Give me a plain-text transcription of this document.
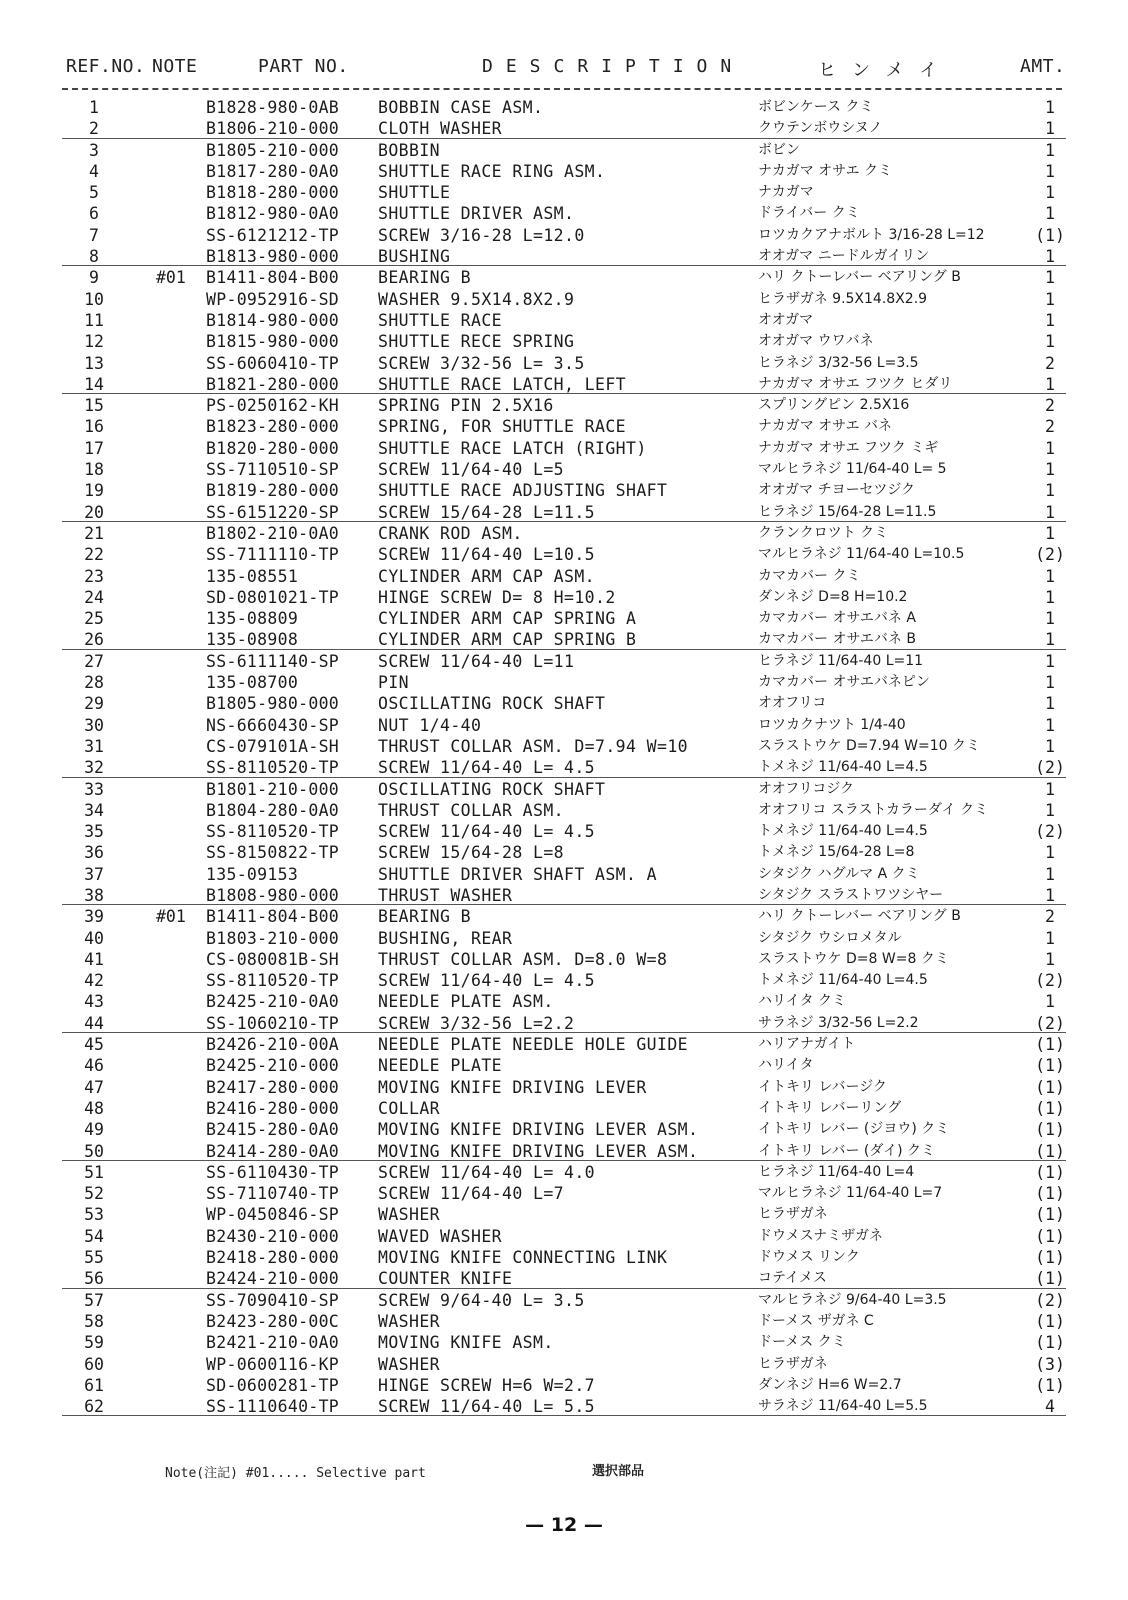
REF.NO. NOTE	PART NO.	DESCRIPTION	ヒンメイ	AMT.
1	B1828-980-0AB BOBBIN CASE ASM.	ボビンケース クミ	1
2	B1806-210-000 CLOTH WASHER	クウテンボウシヌノ	1
3	B1805-210-000 BOBBIN	ボビン	1
4	B1817-280-0A0 SHUTTLE RACE RING ASM.	ナカガマ オサエ クミ	1
5	B1818-280-000 SHUTTLE	ナカガマ	1
6	B1812-980-0A0 SHUTTLE DRIVER ASM.	ドライバー クミ	1
7	SS-6121212-TP SCREW 3/16-28 L=12.0	ロツカクアナボルト 3/16-28 L=12	(1)
8	B1813-980-000 BUSHING	オオガマ ニードルガイリン	1
9	#01 B1411-804-B00 BEARING B	ハリ クトーレバー ベアリング B	1
10	WP-0952916-SD WASHER 9.5X14.8X2.9	ヒラザガネ 9.5X14.8X2.9	1
11	B1814-980-000 SHUTTLE RACE	オオガマ	1
12	B1815-980-000 SHUTTLE RECE SPRING	オオガマ ウワバネ	1
13	SS-6060410-TP SCREW 3/32-56 L= 3.5	ヒラネジ 3/32-56 L=3.5	2
14	B1821-280-000 SHUTTLE RACE LATCH, LEFT	ナカガマ オサエ フツク ヒダリ	1
15	PS-0250162-KH SPRING PIN 2.5X16	スプリングピン 2.5X16	2
16	B1823-280-000 SPRING, FOR SHUTTLE RACE	ナカガマ オサエ バネ	2
17	B1820-280-000 SHUTTLE RACE LATCH (RIGHT)	ナカガマ オサエ フツク ミギ	1
18	SS-7110510-SP SCREW 11/64-40 L=5	マルヒラネジ 11/64-40 L= 5	1
19	B1819-280-000 SHUTTLE RACE ADJUSTING SHAFT	オオガマ チヨーセツジク	1
20	SS-6151220-SP SCREW 15/64-28 L=11.5	ヒラネジ 15/64-28 L=11.5	1
21	B1802-210-0A0 CRANK ROD ASM.	クランクロツト クミ	1
22	SS-7111110-TP SCREW 11/64-40 L=10.5	マルヒラネジ 11/64-40 L=10.5	(2)
23	135-08551	CYLINDER ARM CAP ASM.	カマカバー クミ	1
24	SD-0801021-TP HINGE SCREW D= 8 H=10.2	ダンネジ D=8 H=10.2	1
25	135-08809	CYLINDER ARM CAP SPRING A	カマカバー オサエバネ A	1
26	135-08908	CYLINDER ARM CAP SPRING B	カマカバー オサエバネ B	1
27	SS-6111140-SP SCREW 11/64-40 L=11	ヒラネジ 11/64-40 L=11	1
28	135-08700	PIN	カマカバー オサエバネピン	1
29	B1805-980-000 OSCILLATING ROCK SHAFT	オオフリコ	1
30	NS-6660430-SP NUT 1/4-40	ロツカクナツト 1/4-40	1
31	CS-079101A-SH THRUST COLLAR ASM. D=7.94 W=10	スラストウケ D=7.94 W=10 クミ	1
32	SS-8110520-TP SCREW 11/64-40 L= 4.5	トメネジ 11/64-40 L=4.5	(2)
33	B1801-210-000 OSCILLATING ROCK SHAFT	オオフリコジク	1
34	B1804-280-0A0 THRUST COLLAR ASM.	オオフリコ スラストカラーダイ クミ	1
35	SS-8110520-TP SCREW 11/64-40 L= 4.5	トメネジ 11/64-40 L=4.5	(2)
36	SS-8150822-TP SCREW 15/64-28 L=8	トメネジ 15/64-28 L=8	1
37	135-09153	SHUTTLE DRIVER SHAFT ASM. A	シタジク ハグルマ A クミ	1
38	B1808-980-000 THRUST WASHER	シタジク スラストワツシヤー	1
39	#01 B1411-804-B00 BEARING B	ハリ クトーレバー ベアリング B	2
40	B1803-210-000 BUSHING, REAR	シタジク ウシロメタル	1
41	CS-080081B-SH THRUST COLLAR ASM. D=8.0 W=8	スラストウケ D=8 W=8 クミ	1
42	SS-8110520-TP SCREW 11/64-40 L= 4.5	トメネジ 11/64-40 L=4.5	(2)
43	B2425-210-0A0 NEEDLE PLATE ASM.	ハリイタ クミ	1
44	SS-1060210-TP SCREW 3/32-56 L=2.2	サラネジ 3/32-56 L=2.2	(2)
45	B2426-210-00A NEEDLE PLATE NEEDLE HOLE GUIDE	ハリアナガイト	(1)
46	B2425-210-000 NEEDLE PLATE	ハリイタ	(1)
47	B2417-280-000 MOVING KNIFE DRIVING LEVER	イトキリ レバージク	(1)
48	B2416-280-000 COLLAR	イトキリ レバーリング	(1)
49	B2415-280-0A0 MOVING KNIFE DRIVING LEVER ASM.	イトキリ レバー (ジヨウ) クミ	(1)
50	B2414-280-0A0 MOVING KNIFE DRIVING LEVER ASM.	イトキリ レバー (ダイ) クミ	(1)
51	SS-6110430-TP SCREW 11/64-40 L= 4.0	ヒラネジ 11/64-40 L=4	(1)
52	SS-7110740-TP SCREW 11/64-40 L=7	マルヒラネジ 11/64-40 L=7	(1)
53	WP-0450846-SP WASHER	ヒラザガネ	(1)
54	B2430-210-000 WAVED WASHER	ドウメスナミザガネ	(1)
55	B2418-280-000 MOVING KNIFE CONNECTING LINK	ドウメス リンク	(1)
56	B2424-210-000 COUNTER KNIFE	コテイメス	(1)
57	SS-7090410-SP SCREW 9/64-40 L= 3.5	マルヒラネジ 9/64-40 L=3.5	(2)
58	B2423-280-00C WASHER	ドーメス ザガネ C	(1)
59	B2421-210-0A0 MOVING KNIFE ASM.	ドーメス クミ	(1)
60	WP-0600116-KP WASHER	ヒラザガネ	(3)
61	SD-0600281-TP HINGE SCREW H=6 W=2.7	ダンネジ H=6 W=2.7	(1)
62	SS-1110640-TP SCREW 11/64-40 L= 5.5	サラネジ 11/64-40 L=5.5	4
Note(注記) #01..... Selective part	選択部品
— 12 —
